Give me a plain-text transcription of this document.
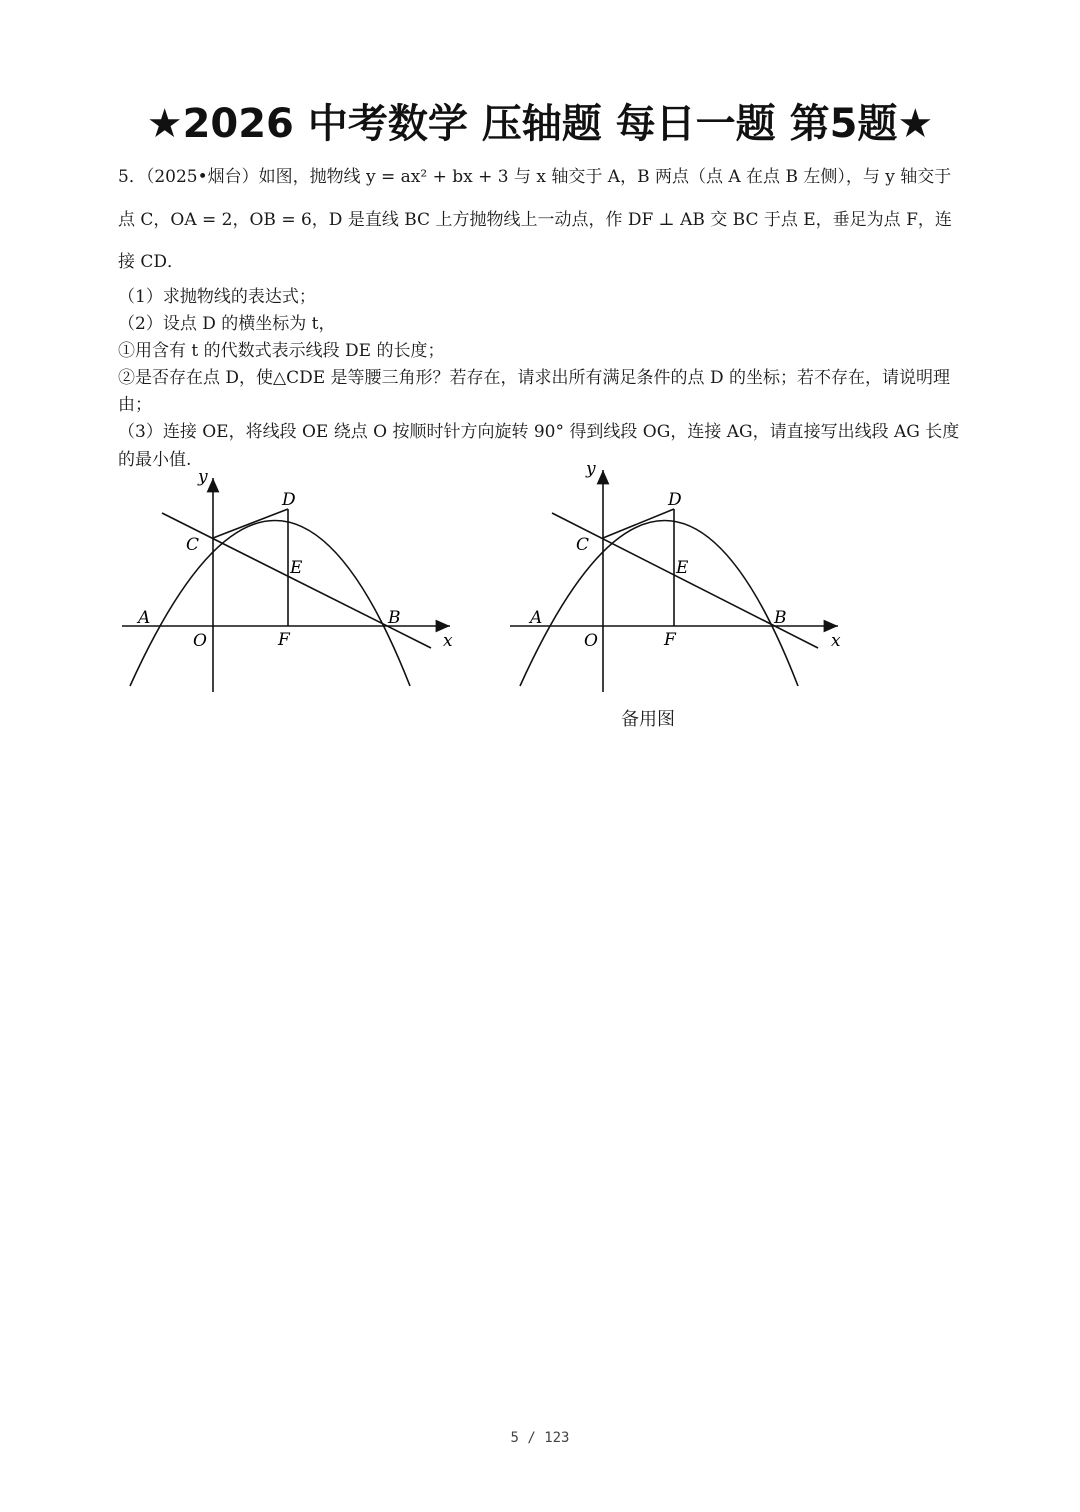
★2026 中考数学 压轴题 每日一题 第5题★

5．（2025•烟台）如图，抛物线 y = ax² + bx + 3 与 x 轴交于 A，B 两点（点 A 在点 B 左侧），与 y 轴交于点 C，OA = 2，OB = 6，D 是直线 BC 上方抛物线上一动点，作 DF ⊥ AB 交 BC 于点 E，垂足为点 F，连接 CD．

（1）求抛物线的表达式；

（2）设点 D 的横坐标为 t，

①用含有 t 的代数式表示线段 DE 的长度；

②是否存在点 D，使△CDE 是等腰三角形？若存在，请求出所有满足条件的点 D 的坐标；若不存在，请说明理由；

（3）连接 OE，将线段 OE 绕点 O 按顺时针方向旋转 90° 得到线段 OG，连接 AG，请直接写出线段 AG 长度的最小值.

y
x
A	B
C
D
E
F
O
y
x
A	B
C
D
E
F
O
备用图
5 / 123
